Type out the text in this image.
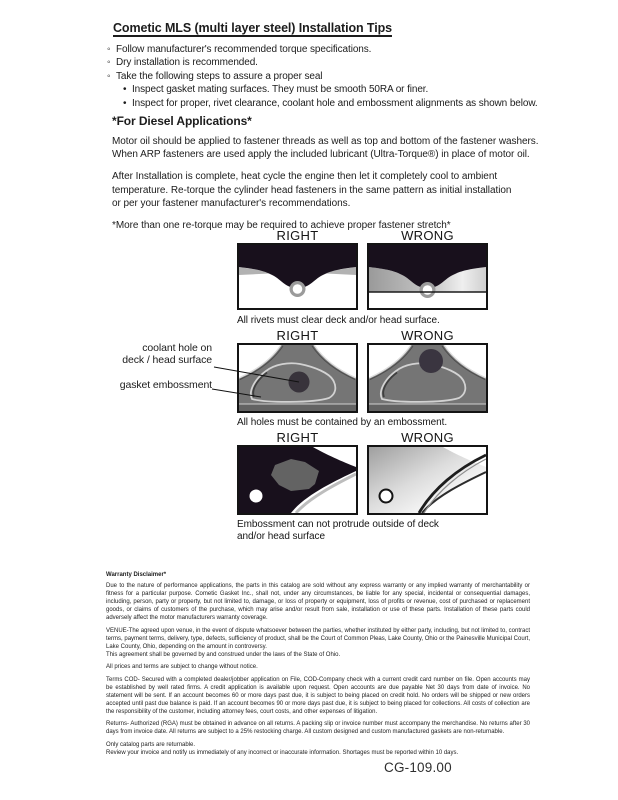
Cometic MLS (multi layer steel) Installation Tips
◦ Follow manufacturer's recommended torque specifications.
◦ Dry installation is recommended.
◦ Take the following steps to assure a proper seal
• Inspect gasket mating surfaces. They must be smooth 50RA or finer.
• Inspect for proper, rivet clearance, coolant hole and embossment alignments as shown below.
*For Diesel Applications*

Motor oil should be applied to fastener threads as well as top and bottom of the fastener washers.
When ARP fasteners are used apply the included lubricant (Ultra-Torque®) in place of motor oil.

After Installation is complete, heat cycle the engine then let it completely cool to ambient
temperature. Re-torque the cylinder head fasteners in the same pattern as initial installation
or per your fastener manufacturer's recommendations.

*More than one re-torque may be required to achieve proper fastener stretch*

RIGHT	WRONG
All rivets must clear deck and/or head surface.
RIGHT	WRONG
coolant hole on
deck / head surface
gasket embossment
All holes must be contained by an embossment.
RIGHT	WRONG
Embossment can not protrude outside of deck
and/or head surface
Warranty Disclaimer*

Due to the nature of performance applications, the parts in this catalog are sold without any express warranty or any implied warranty of merchantability or fitness for a particular purpose. Cometic Gasket Inc., shall not, under any circumstances, be liable for any special, incidental or consequential damages, including, person, party or property, but not limited to, damage, or loss of property or equipment, loss of profits or revenue, cost of purchased or replacement goods, or claims of customers of the purchase, which may arise and/or result from sale, installation or use of these parts. Installation of these parts could adversely affect the motor manufacturers warranty coverage.

VENUE-The agreed upon venue, in the event of dispute whatsoever between the parties, whether instituted by either party, including, but not limited to, contract terms, payment terms, delivery, type, defects, sufficiency of product, shall be the Court of Common Pleas, Lake County, Ohio or the Painesville Municipal Court, Lake County, Ohio, depending on the amount in controversy.
This agreement shall be governed by and construed under the laws of the State of Ohio.

All prices and terms are subject to change without notice.

Terms COD- Secured with a completed dealer/jobber application on File, COD-Company check with a current credit card number on file. Open accounts may be established by well rated firms. A credit application is available upon request. Open accounts are due payable Net 30 days from date of invoice. No statement will be sent. If an account becomes 60 or more days past due, it is subject to being placed on credit hold. No orders will be shipped or new orders accepted until past due balance is paid. If an account becomes 90 or more days past due, it is subject to being placed for collections. All costs of collection are the responsibility of the customer, including attorney fees, court costs, and other expenses of litigation.

Returns- Authorized (RGA) must be obtained in advance on all returns. A packing slip or invoice number must accompany the merchandise. No returns after 30 days from invoice date. All returns are subject to a 25% restocking charge. All custom designed and custom manufactured gaskets are non-returnable.

Only catalog parts are returnable.
Review your invoice and notify us immediately of any incorrect or inaccurate information. Shortages must be reported within 10 days.

CG-109.00
